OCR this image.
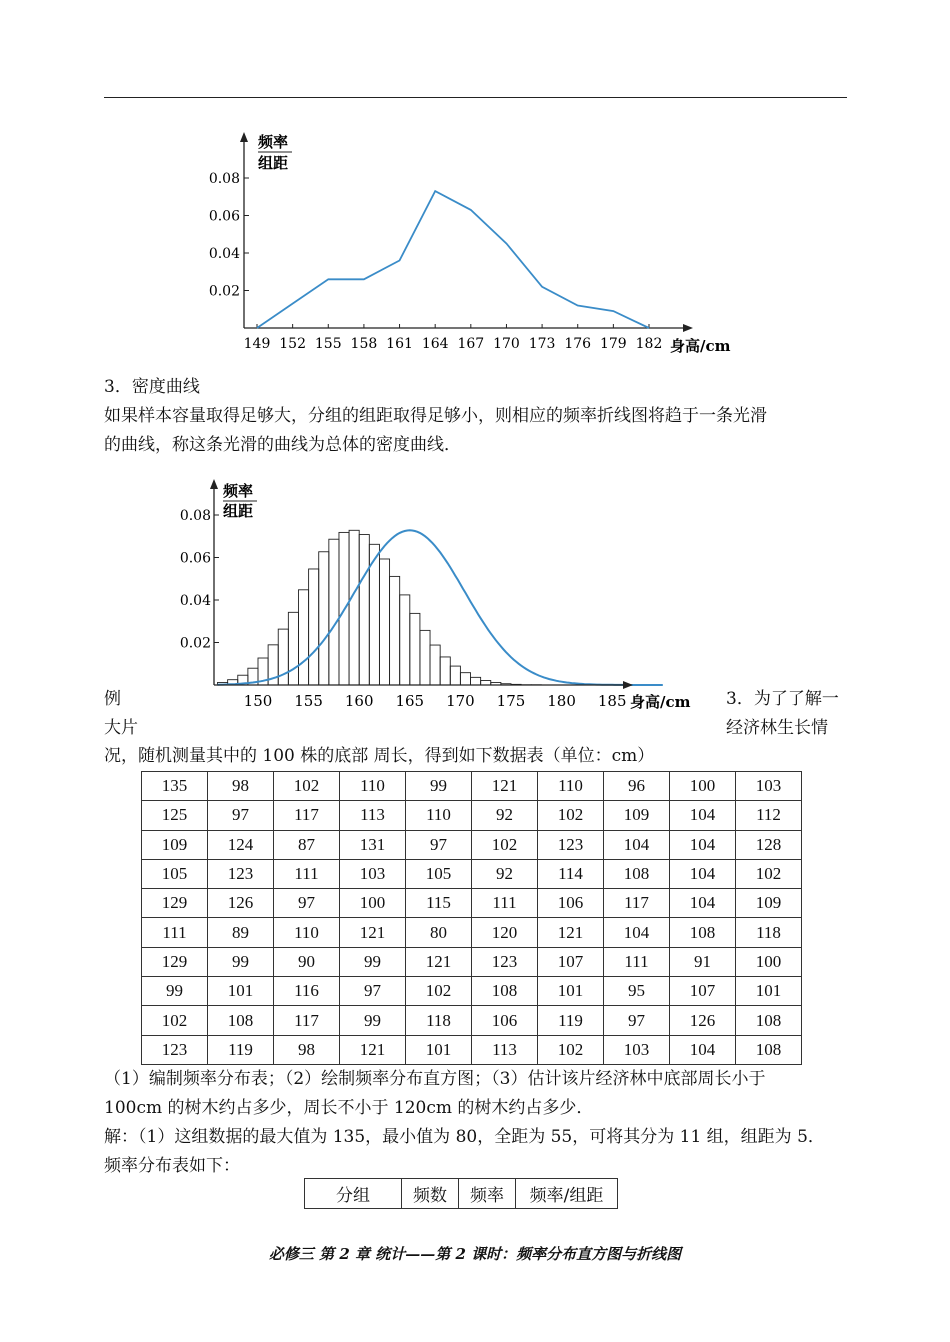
频率
组距
身高/cm
0.08
0.06
0.04
0.02
149 152 155 158 161 164 167 170 173 176 179 182
3．密度曲线
如果样本容量取得足够大，分组的组距取得足够小，则相应的频率折线图将趋于一条光滑
的曲线，称这条光滑的曲线为总体的密度曲线．
频率
组距
身高/cm
0.08
0.06
0.04
0.02
150 155 160 165 170 175 180 185
例	3．为了了解一
大片	经济林生长情
况，随机测量其中的 100 株的底部 周长，得到如下数据表（单位：cm）
135	98	102	110	99	121	110	96	100	103
125	97	117	113	110	92	102	109	104	112
109	124	87	131	97	102	123	104	104	128
105	123	111	103	105	92	114	108	104	102
129	126	97	100	115	111	106	117	104	109
111	89	110	121	80	120	121	104	108	118
129	99	90	99	121	123	107	111	91	100
99	101	116	97	102	108	101	95	107	101
102	108	117	99	118	106	119	97	126	108
123	119	98	121	101	113	102	103	104	108
（1）编制频率分布表；（2）绘制频率分布直方图；（3）估计该片经济林中底部周长小于
100cm 的树木约占多少，周长不小于 120cm 的树木约占多少．
解：（1）这组数据的最大值为 135，最小值为 80，全距为 55，可将其分为 11 组，组距为 5．
频率分布表如下：
分组	频数	频率	频率/组距
必修三 第 2 章 统计——第 2 课时：频率分布直方图与折线图
